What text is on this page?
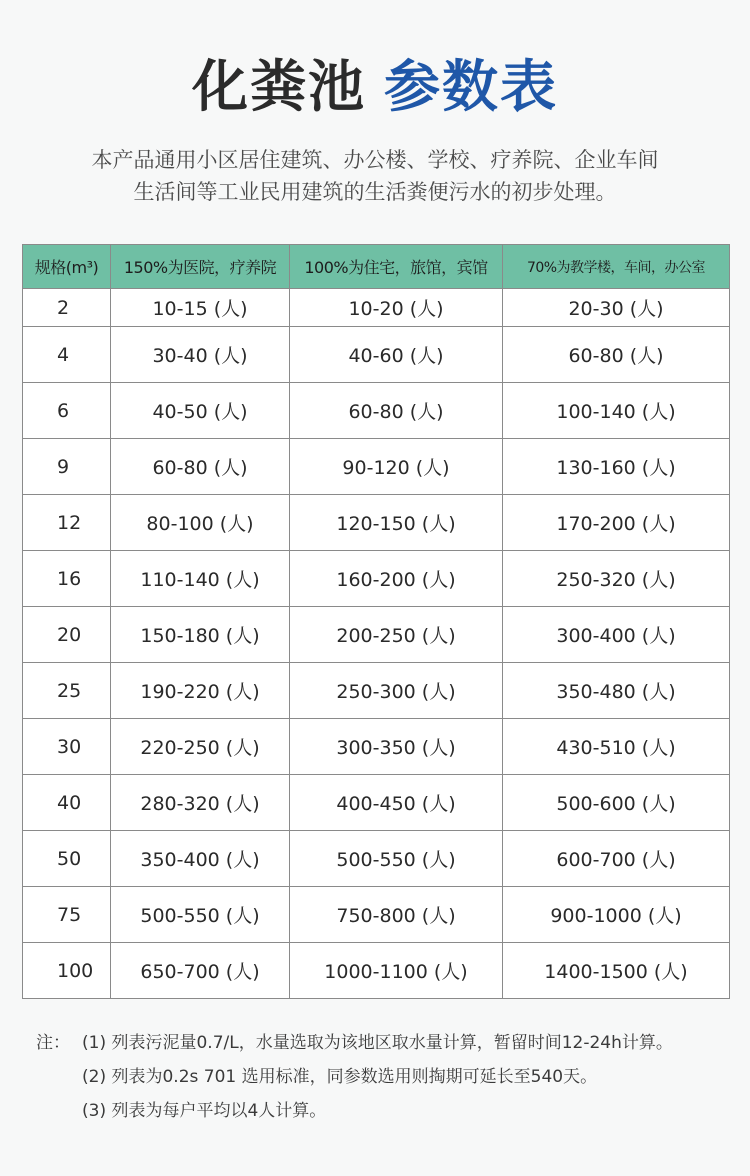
化粪池 参数表
本产品通用小区居住建筑、办公楼、学校、疗养院、企业车间
生活间等工业民用建筑的生活粪便污水的初步处理。
规格(m³)	150%为医院，疗养院	100%为住宅，旅馆，宾馆	70%为教学楼，车间，办公室
2	10-15 (人)	10-20 (人)	20-30 (人)
4	30-40 (人)	40-60 (人)	60-80 (人)
6	40-50 (人)	60-80 (人)	100-140 (人)
9	60-80 (人)	90-120 (人)	130-160 (人)
12	80-100 (人)	120-150 (人)	170-200 (人)
16	110-140 (人)	160-200 (人)	250-320 (人)
20	150-180 (人)	200-250 (人)	300-400 (人)
25	190-220 (人)	250-300 (人)	350-480 (人)
30	220-250 (人)	300-350 (人)	430-510 (人)
40	280-320 (人)	400-450 (人)	500-600 (人)
50	350-400 (人)	500-550 (人)	600-700 (人)
75	500-550 (人)	750-800 (人)	900-1000 (人)
100	650-700 (人)	1000-1100 (人)	1400-1500 (人)
注： (1) 列表污泥量0.7/L，水量选取为该地区取水量计算，暂留时间12-24h计算。
(2) 列表为0.2s 701 选用标准，同参数选用则掏期可延长至540天。
(3) 列表为每户平均以4人计算。
